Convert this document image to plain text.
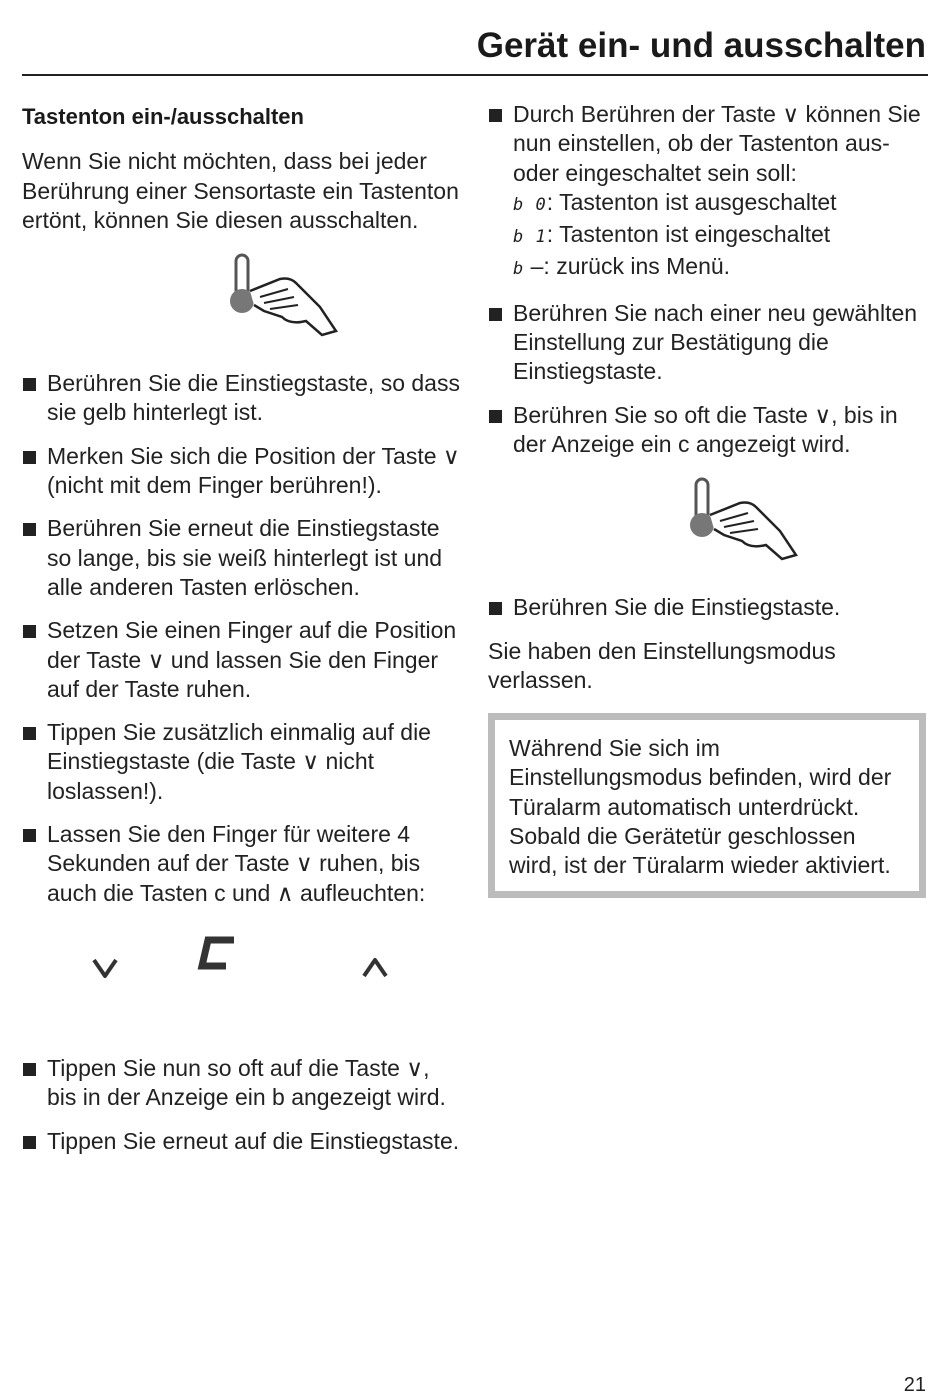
Gerät ein- und ausschalten
Tastenton ein-/ausschalten

Wenn Sie nicht möchten, dass bei jeder Berührung einer Sensortaste ein Tastenton ertönt, können Sie diesen ausschalten.

Berühren Sie die Einstiegstaste, so dass sie gelb hinterlegt ist.
Merken Sie sich die Position der Taste ∨ (nicht mit dem Finger berühren!).
Berühren Sie erneut die Einstiegstaste so lange, bis sie weiß hinterlegt ist und alle anderen Tasten erlöschen.
Setzen Sie einen Finger auf die Position der Taste ∨ und lassen Sie den Finger auf der Taste ruhen.
Tippen Sie zusätzlich einmalig auf die Einstiegstaste (die Taste ∨ nicht loslassen!).
Lassen Sie den Finger für weitere 4 Sekunden auf der Taste ∨ ruhen, bis auch die Tasten c und ∧ aufleuchten:
Tippen Sie nun so oft auf die Taste ∨, bis in der Anzeige ein b angezeigt wird.
Tippen Sie erneut auf die Einstiegstaste.
Durch Berühren der Taste ∨ können Sie nun einstellen, ob der Tastenton aus- oder eingeschaltet sein soll:
b 0: Tastenton ist ausgeschaltet
b 1: Tastenton ist eingeschaltet
b –: zurück ins Menü.
Berühren Sie nach einer neu gewählten Einstellung zur Bestätigung die Einstiegstaste.
Berühren Sie so oft die Taste ∨, bis in der Anzeige ein c angezeigt wird.
Berühren Sie die Einstiegstaste.

Sie haben den Einstellungsmodus verlassen.

Während Sie sich im Einstellungsmodus befinden, wird der Türalarm automatisch unterdrückt. Sobald die Gerätetür geschlossen wird, ist der Türalarm wieder aktiviert.

21
